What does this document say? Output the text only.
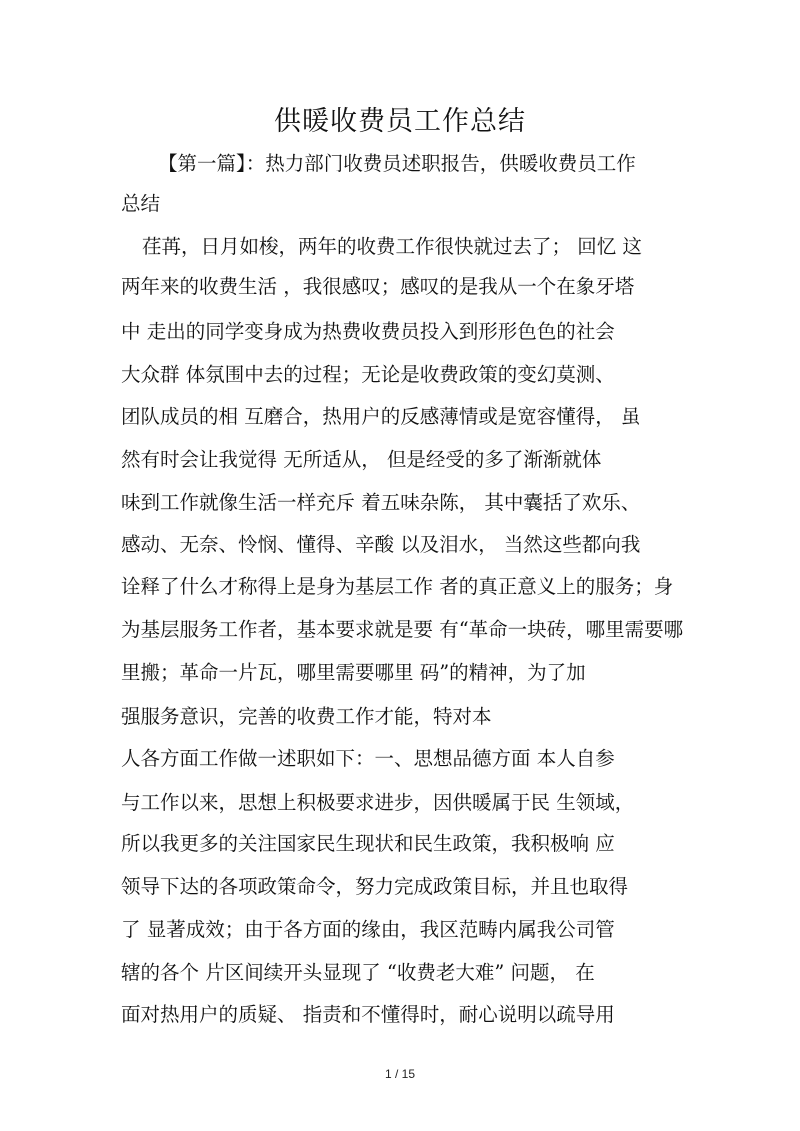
供暖收费员工作总结
【第一篇】：热力部门收费员述职报告，供暖收费员工作
总结
荏苒，日月如梭，两年的收费工作很快就过去了； 回忆 这
两年来的收费生活 ，我很感叹；感叹的是我从一个在象牙塔
中 走出的同学变身成为热费收费员投入到形形色色的社会
大众群 体氛围中去的过程；无论是收费政策的变幻莫测、
团队成员的相 互磨合，热用户的反感薄情或是宽容懂得， 虽
然有时会让我觉得 无所适从， 但是经受的多了渐渐就体
味到工作就像生活一样充斥 着五味杂陈， 其中囊括了欢乐、
感动、无奈、怜悯、懂得、辛酸 以及泪水， 当然这些都向我
诠释了什么才称得上是身为基层工作 者的真正意义上的服务；身
为基层服务工作者，基本要求就是要 有“革命一块砖，哪里需要哪
里搬；革命一片瓦，哪里需要哪里 码”的精神，为了加
强服务意识，完善的收费工作才能，特对本
人各方面工作做一述职如下：一、思想品德方面 本人自参
与工作以来，思想上积极要求进步，因供暖属于民 生领域，
所以我更多的关注国家民生现状和民生政策，我积极响 应
领导下达的各项政策命令，努力完成政策目标，并且也取得
了 显著成效；由于各方面的缘由，我区范畴内属我公司管
辖的各个 片区间续开头显现了 “收费老大难” 问题， 在
面对热用户的质疑、 指责和不懂得时，耐心说明以疏导用
1 / 15
